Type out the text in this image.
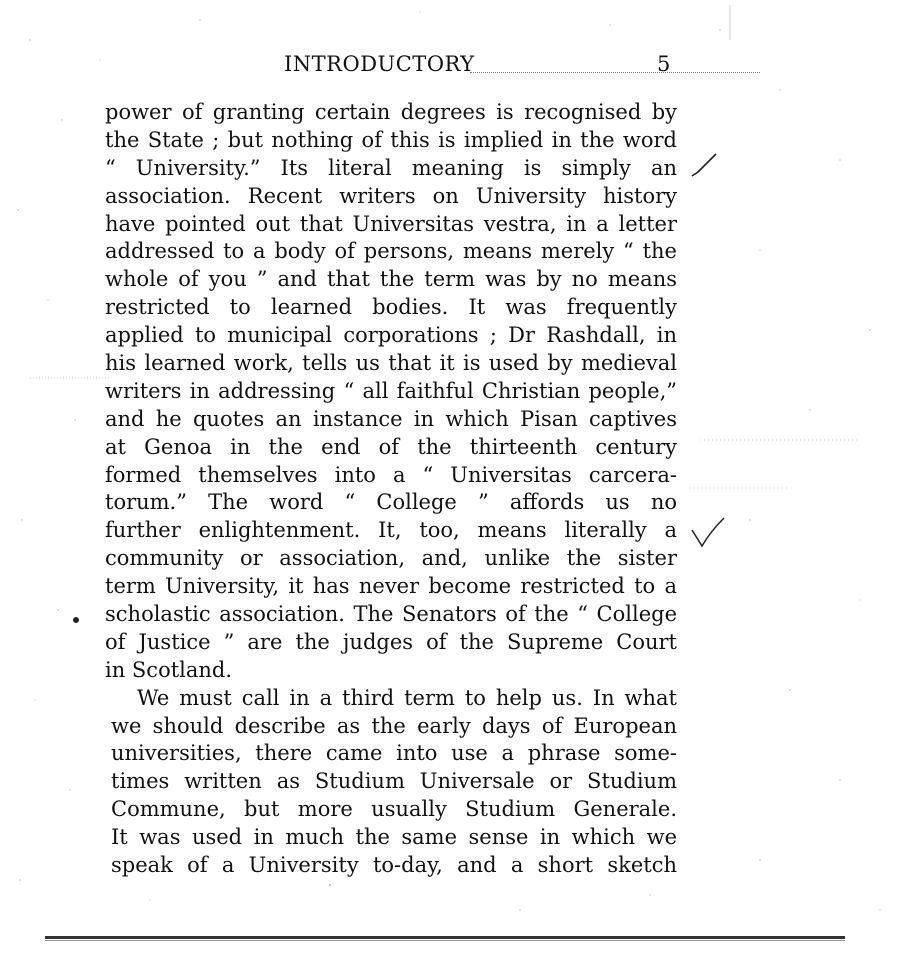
INTRODUCTORY	5
power of granting certain degrees is recognised by
the State ; but nothing of this is implied in the word
“ University.” Its literal meaning is simply an
association. Recent writers on University history
have pointed out that Universitas vestra, in a letter
addressed to a body of persons, means merely “ the
whole of you ” and that the term was by no means
restricted to learned bodies. It was frequently
applied to municipal corporations ; Dr Rashdall, in
his learned work, tells us that it is used by medieval
writers in addressing “ all faithful Christian people,”
and he quotes an instance in which Pisan captives
at Genoa in the end of the thirteenth century
formed themselves into a “ Universitas carcera-
torum.” The word “ College ” affords us no
further enlightenment. It, too, means literally a
community or association, and, unlike the sister
term University, it has never become restricted to a
scholastic association. The Senators of the “ College
of Justice ” are the judges of the Supreme Court
in Scotland.
We must call in a third term to help us. In what
we should describe as the early days of European
universities, there came into use a phrase some-
times written as Studium Universale or Studium
Commune, but more usually Studium Generale.
It was used in much the same sense in which we
speak of a University to-day, and a short sketch
